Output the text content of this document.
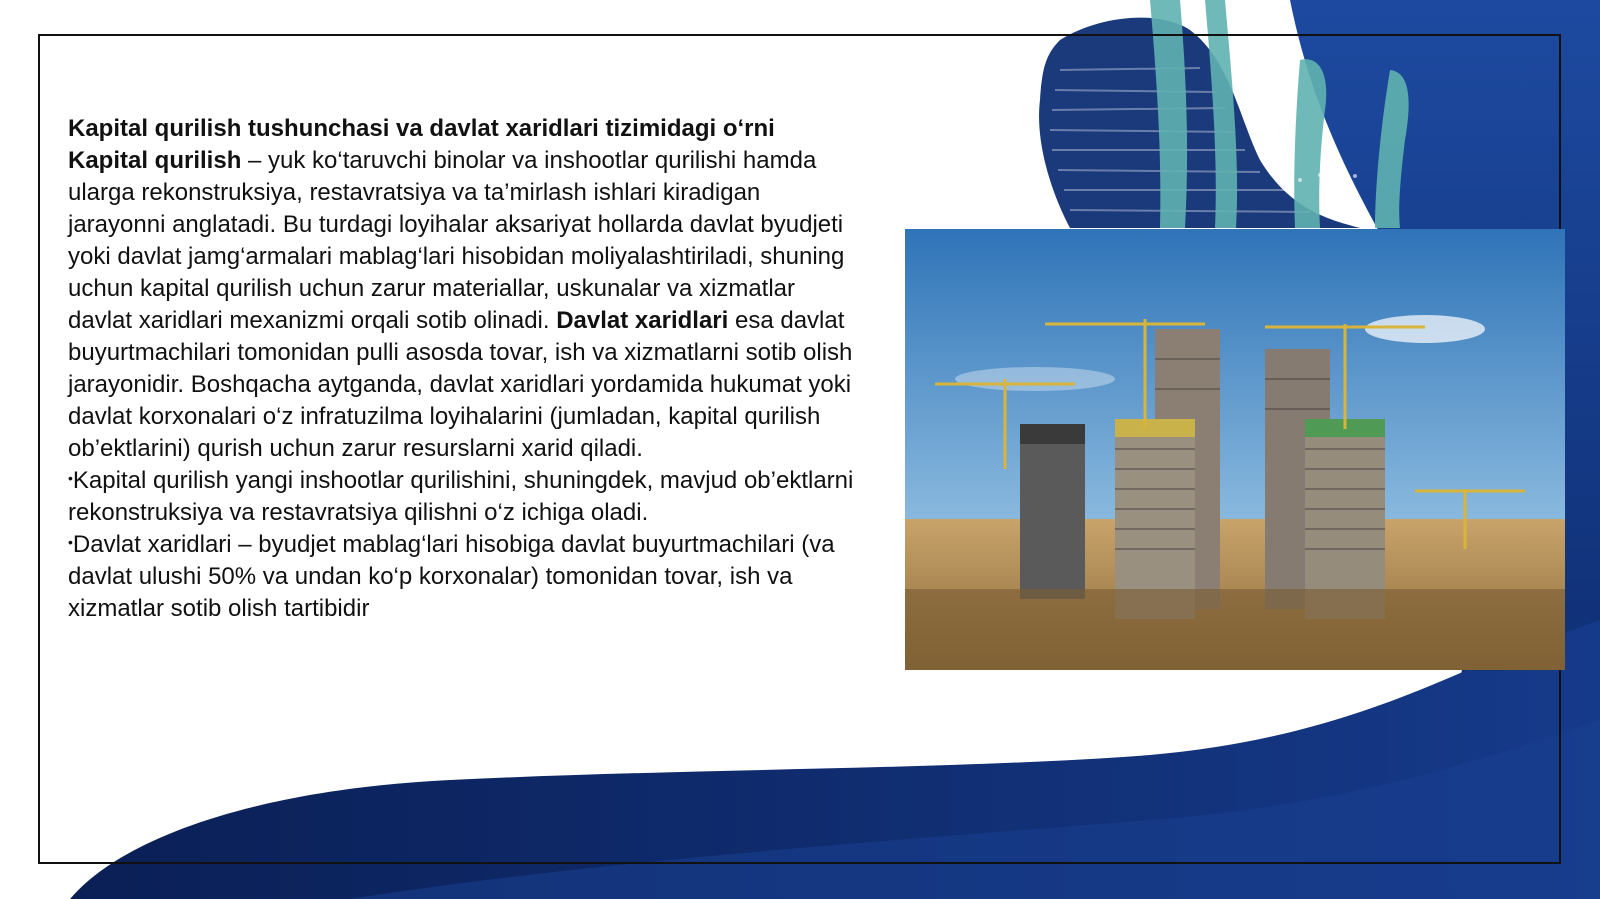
Kapital qurilish tushunchasi va davlat xaridlari tizimidagi o‘rni

Kapital qurilish – yuk ko‘taruvchi binolar va inshootlar qurilishi hamda ularga rekonstruksiya, restavratsiya va ta’mirlash ishlari kiradigan jarayonni anglatadi. Bu turdagi loyihalar aksariyat hollarda davlat byudjeti yoki davlat jamg‘armalari mablag‘lari hisobidan moliyalashtiriladi, shuning uchun kapital qurilish uchun zarur materiallar, uskunalar va xizmatlar davlat xaridlari mexanizmi orqali sotib olinadi. Davlat xaridlari esa davlat buyurtmachilari tomonidan pulli asosda tovar, ish va xizmatlarni sotib olish jarayonidir. Boshqacha aytganda, davlat xaridlari yordamida hukumat yoki davlat korxonalari o‘z infratuzilma loyihalarini (jumladan, kapital qurilish ob’ektlarini) qurish uchun zarur resurslarni xarid qiladi.

•Kapital qurilish yangi inshootlar qurilishini, shuningdek, mavjud ob’ektlarni rekonstruksiya va restavratsiya qilishni o‘z ichiga oladi.

•Davlat xaridlari – byudjet mablag‘lari hisobiga davlat buyurtmachilari (va davlat ulushi 50% va undan ko‘p korxonalar) tomonidan tovar, ish va xizmatlar sotib olish tartibidir
